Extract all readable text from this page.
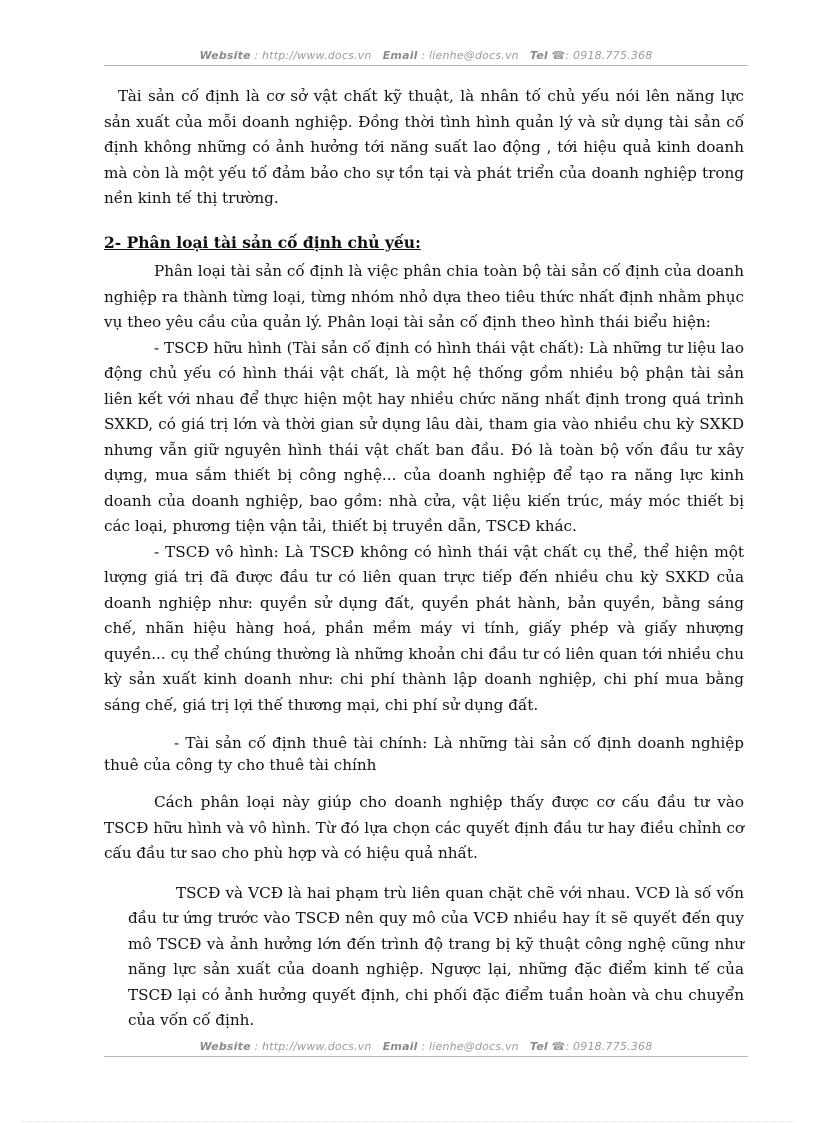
Website : http://www.docs.vn Email : lienhe@docs.vn Tel ☎: 0918.775.368

Tài sản cố định là cơ sở vật chất kỹ thuật, là nhân tố chủ yếu nói lên năng lực sản xuất của mỗi doanh nghiệp. Đồng thời tình hình quản lý và sử dụng tài sản cố định không những có ảnh hưởng tới năng suất lao động , tới hiệu quả kinh doanh mà còn là một yếu tố đảm bảo cho sự tồn tại và phát triển của doanh nghiệp trong nền kinh tế thị trường.

2- Phân loại tài sản cố định chủ yếu:

Phân loại tài sản cố định là việc phân chia toàn bộ tài sản cố định của doanh nghiệp ra thành từng loại, từng nhóm nhỏ dựa theo tiêu thức nhất định nhằm phục vụ theo yêu cầu của quản lý. Phân loại tài sản cố định theo hình thái biểu hiện:

- TSCĐ hữu hình (Tài sản cố định có hình thái vật chất): Là những tư liệu lao động chủ yếu có hình thái vật chất, là một hệ thống gồm nhiều bộ phận tài sản liên kết với nhau để thực hiện một hay nhiều chức năng nhất định trong quá trình SXKD, có giá trị lớn và thời gian sử dụng lâu dài, tham gia vào nhiều chu kỳ SXKD nhưng vẫn giữ nguyên hình thái vật chất ban đầu. Đó là toàn bộ vốn đầu tư xây dựng, mua sắm thiết bị công nghệ... của doanh nghiệp để tạo ra năng lực kinh doanh của doanh nghiệp, bao gồm: nhà cửa, vật liệu kiến trúc, máy móc thiết bị các loại, phương tiện vận tải, thiết bị truyền dẫn, TSCĐ khác.

- TSCĐ vô hình: Là TSCĐ không có hình thái vật chất cụ thể, thể hiện một lượng giá trị đã được đầu tư có liên quan trực tiếp đến nhiều chu kỳ SXKD của doanh nghiệp như: quyền sử dụng đất, quyền phát hành, bản quyền, bằng sáng chế, nhãn hiệu hàng hoá, phần mềm máy vi tính, giấy phép và giấy nhượng quyền... cụ thể chúng thường là những khoản chi đầu tư có liên quan tới nhiều chu kỳ sản xuất kinh doanh như: chi phí thành lập doanh nghiệp, chi phí mua bằng sáng chế, giá trị lợi thế thương mại, chi phí sử dụng đất.

- Tài sản cố định thuê tài chính: Là những tài sản cố định doanh nghiệp thuê của công ty cho thuê tài chính

Cách phân loại này giúp cho doanh nghiệp thấy được cơ cấu đầu tư vào TSCĐ hữu hình và vô hình. Từ đó lựa chọn các quyết định đầu tư hay điều chỉnh cơ cấu đầu tư sao cho phù hợp và có hiệu quả nhất.

TSCĐ và VCĐ là hai phạm trù liên quan chặt chẽ với nhau. VCĐ là số vốn đầu tư ứng trước vào TSCĐ nên quy mô của VCĐ nhiều hay ít sẽ quyết đến quy mô TSCĐ và ảnh hưởng lớn đến trình độ trang bị kỹ thuật công nghệ cũng như năng lực sản xuất của doanh nghiệp. Ngược lại, những đặc điểm kinh tế của TSCĐ lại có ảnh hưởng quyết định, chi phối đặc điểm tuần hoàn và chu chuyển của vốn cố định.

Website : http://www.docs.vn Email : lienhe@docs.vn Tel ☎: 0918.775.368
